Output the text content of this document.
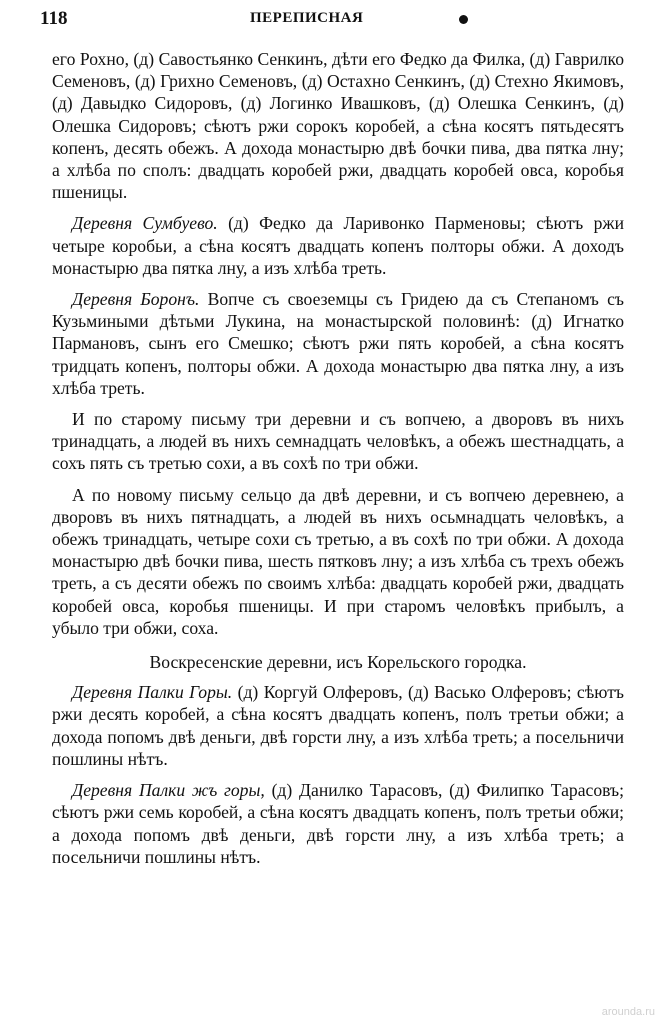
118	ПЕРЕПИСНАЯ

его Рохно, (д) Савостьянко Сенкинъ, дѣти его Федко да Филка, (д) Гаврилко Семеновъ, (д) Грихно Семеновъ, (д) Остахно Сенкинъ, (д) Стехно Якимовъ, (д) Давыдко Сидоровъ, (д) Логинко Ивашковъ, (д) Олешка Сенкинъ, (д) Олешка Сидоровъ; сѣютъ ржи сорокъ коробей, а сѣна косятъ пятьдесятъ копенъ, десять обежъ. А дохода монастырю двѣ бочки пива, два пятка лну; а хлѣба по сполъ: двадцать коробей ржи, двадцать коробей овса, коробья пшеницы.

Деревня Сумбуево. (д) Федко да Ларивонко Парменовы; сѣютъ ржи четыре коробьи, а сѣна косятъ двадцать копенъ полторы обжи. А доходъ монастырю два пятка лну, а изъ хлѣба треть.

Деревня Боронъ. Вопче съ своеземцы съ Гридею да съ Степаномъ съ Кузьмиными дѣтьми Лукина, на монастырской половинѣ: (д) Игнатко Пармановъ, сынъ его Смешко; сѣютъ ржи пять коробей, а сѣна косятъ тридцать копенъ, полторы обжи. А дохода монастырю два пятка лну, а изъ хлѣба треть.

И по старому письму три деревни и съ вопчею, а дворовъ въ нихъ тринадцать, а людей въ нихъ семнадцать человѣкъ, а обежъ шестнадцать, а сохъ пять съ третью сохи, а въ сохѣ по три обжи.

А по новому письму сельцо да двѣ деревни, и съ вопчею деревнею, а дворовъ въ нихъ пятнадцать, а людей въ нихъ осьмнадцать человѣкъ, а обежъ тринадцать, четыре сохи съ третью, а въ сохѣ по три обжи. А дохода монастырю двѣ бочки пива, шесть пятковъ лну; а изъ хлѣба съ трехъ обежъ треть, а съ десяти обежъ по своимъ хлѣба: двадцать коробей ржи, двадцать коробей овса, коробья пшеницы. И при старомъ человѣкъ прибылъ, а убыло три обжи, соха.

Воскресенские деревни, исъ Корельского городка.

Деревня Палки Горы. (д) Коргуй Олферовъ, (д) Васько Олферовъ; сѣютъ ржи десять коробей, а сѣна косятъ двадцать копенъ, полъ третьи обжи; а дохода попомъ двѣ деньги, двѣ горсти лну, а изъ хлѣба треть; а посельничи пошлины нѣтъ.

Деревня Палки жъ горы, (д) Данилко Тарасовъ, (д) Филипко Тарасовъ; сѣютъ ржи семь коробей, а сѣна косятъ двадцать копенъ, полъ третьи обжи; а дохода попомъ двѣ деньги, двѣ горсти лну, а изъ хлѣба треть; а посельничи пошлины нѣтъ.

arounda.ru
